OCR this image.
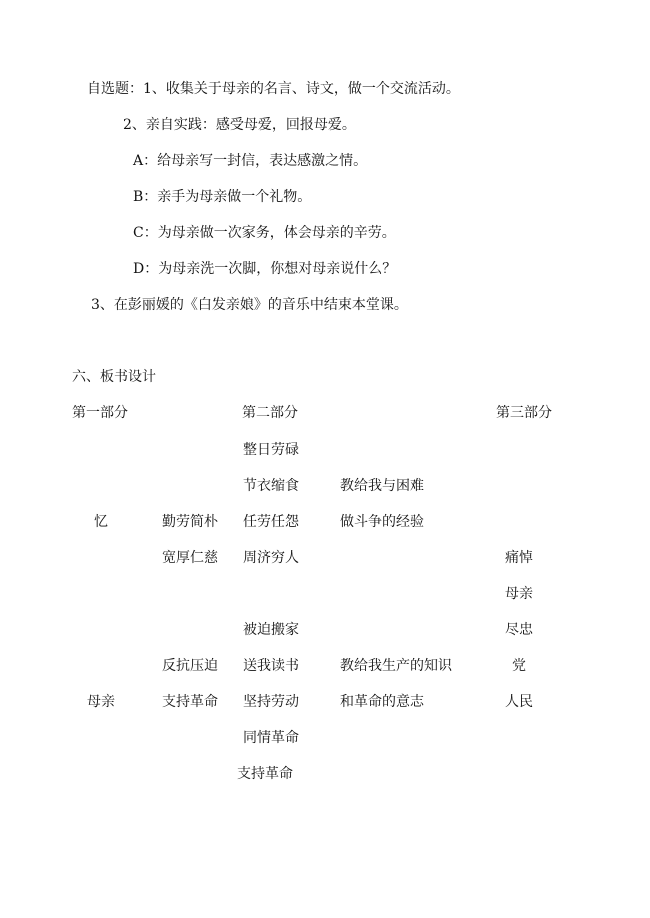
自选题：1、收集关于母亲的名言、诗文，做一个交流活动。
2、亲自实践：感受母爱，回报母爱。
A：给母亲写一封信，表达感激之情。
B：亲手为母亲做一个礼物。
C：为母亲做一次家务，体会母亲的辛劳。
D：为母亲洗一次脚，你想对母亲说什么？
3、在彭丽媛的《白发亲娘》的音乐中结束本堂课。
六、板书设计
第一部分	第二部分	第三部分
忆
母亲
勤劳简朴
宽厚仁慈
反抗压迫
支持革命
整日劳碌
节衣缩食
任劳任怨
周济穷人
被迫搬家
送我读书
坚持劳动
同情革命
支持革命
教给我与困难
做斗争的经验
教给我生产的知识
和革命的意志
痛悼
母亲
尽忠
党
人民
